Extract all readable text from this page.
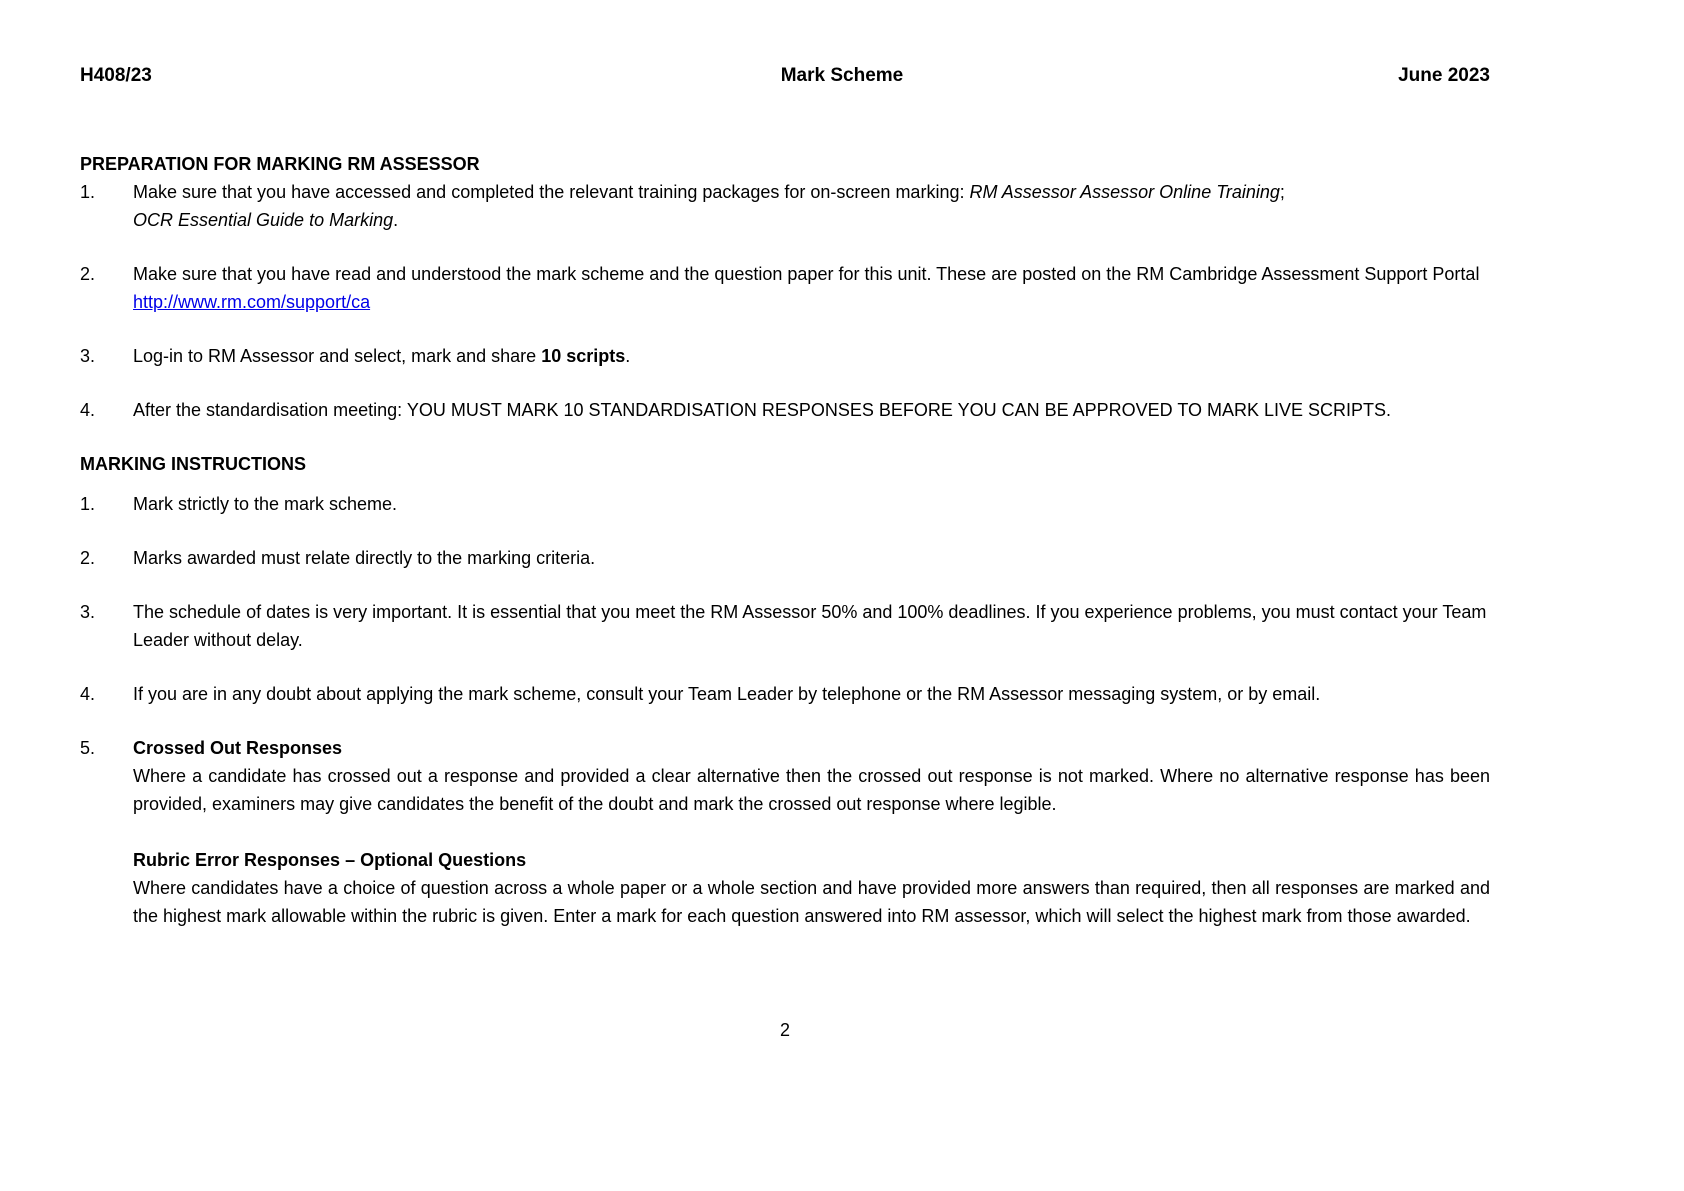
H408/23	Mark Scheme	June 2023
PREPARATION FOR MARKING RM ASSESSOR
1.	Make sure that you have accessed and completed the relevant training packages for on-screen marking: RM Assessor Assessor Online Training; OCR Essential Guide to Marking.
2.	Make sure that you have read and understood the mark scheme and the question paper for this unit. These are posted on the RM Cambridge Assessment Support Portal http://www.rm.com/support/ca
3.	Log-in to RM Assessor and select, mark and share 10 scripts.
4.	After the standardisation meeting: YOU MUST MARK 10 STANDARDISATION RESPONSES BEFORE YOU CAN BE APPROVED TO MARK LIVE SCRIPTS.
MARKING INSTRUCTIONS
1.	Mark strictly to the mark scheme.
2.	Marks awarded must relate directly to the marking criteria.
3.	The schedule of dates is very important. It is essential that you meet the RM Assessor 50% and 100% deadlines. If you experience problems, you must contact your Team Leader without delay.
4.	If you are in any doubt about applying the mark scheme, consult your Team Leader by telephone or the RM Assessor messaging system, or by email.
5.	Crossed Out Responses
Where a candidate has crossed out a response and provided a clear alternative then the crossed out response is not marked. Where no alternative response has been provided, examiners may give candidates the benefit of the doubt and mark the crossed out response where legible.
Rubric Error Responses – Optional Questions
Where candidates have a choice of question across a whole paper or a whole section and have provided more answers than required, then all responses are marked and the highest mark allowable within the rubric is given. Enter a mark for each question answered into RM assessor, which will select the highest mark from those awarded.
2
